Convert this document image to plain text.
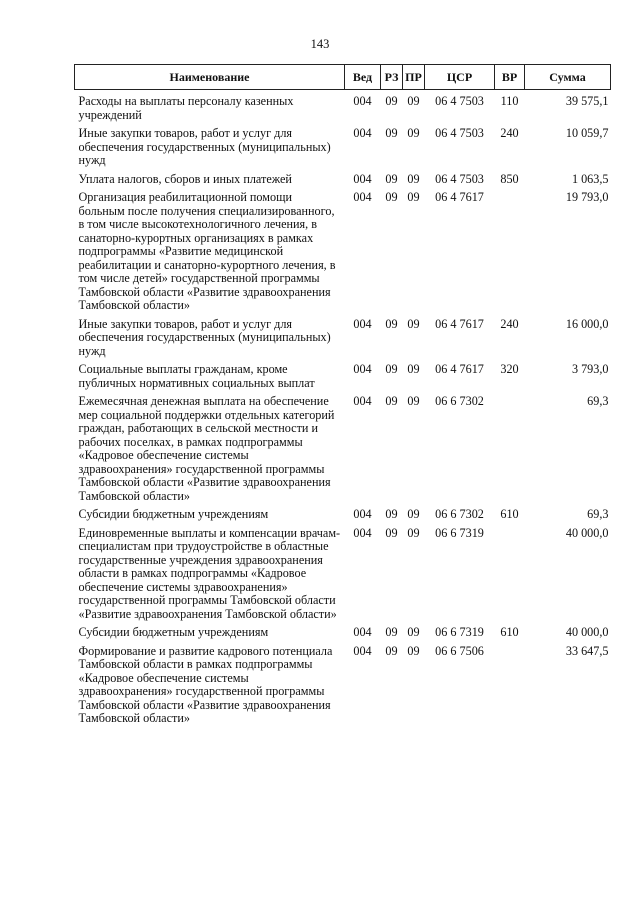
143
Наименование	Вед	РЗ	ПР	ЦСР	ВР	Сумма
Расходы на выплаты персоналу казенных учреждений	004	09	09	06 4 7503	110	39 575,1
Иные закупки товаров, работ и услуг для обеспечения государственных (муниципальных) нужд	004	09	09	06 4 7503	240	10 059,7
Уплата налогов, сборов и иных платежей	004	09	09	06 4 7503	850	1 063,5
Организация реабилитационной помощи больным после получения специализированного, в том числе высокотехнологичного лечения, в санаторно-курортных организациях в рамках подпрограммы «Развитие медицинской реабилитации и санаторно-курортного лечения, в том числе детей» государственной программы Тамбовской области «Развитие здравоохранения Тамбовской области»	004	09	09	06 4 7617		19 793,0
Иные закупки товаров, работ и услуг для обеспечения государственных (муниципальных) нужд	004	09	09	06 4 7617	240	16 000,0
Социальные выплаты гражданам, кроме публичных нормативных социальных выплат	004	09	09	06 4 7617	320	3 793,0
Ежемесячная денежная выплата на обеспечение мер социальной поддержки отдельных категорий граждан, работающих в сельской местности и рабочих поселках, в рамках подпрограммы «Кадровое обеспечение системы здравоохранения» государственной программы Тамбовской области «Развитие здравоохранения Тамбовской области»	004	09	09	06 6 7302		69,3
Субсидии бюджетным учреждениям	004	09	09	06 6 7302	610	69,3
Единовременные выплаты и компенсации врачам-специалистам при трудоустройстве в областные государственные учреждения здравоохранения области в рамках подпрограммы «Кадровое обеспечение системы здравоохранения» государственной программы Тамбовской области «Развитие здравоохранения Тамбовской области»	004	09	09	06 6 7319		40 000,0
Субсидии бюджетным учреждениям	004	09	09	06 6 7319	610	40 000,0
Формирование и развитие кадрового потенциала Тамбовской области в рамках подпрограммы «Кадровое обеспечение системы здравоохранения» государственной программы Тамбовской области «Развитие здравоохранения Тамбовской области»	004	09	09	06 6 7506		33 647,5
